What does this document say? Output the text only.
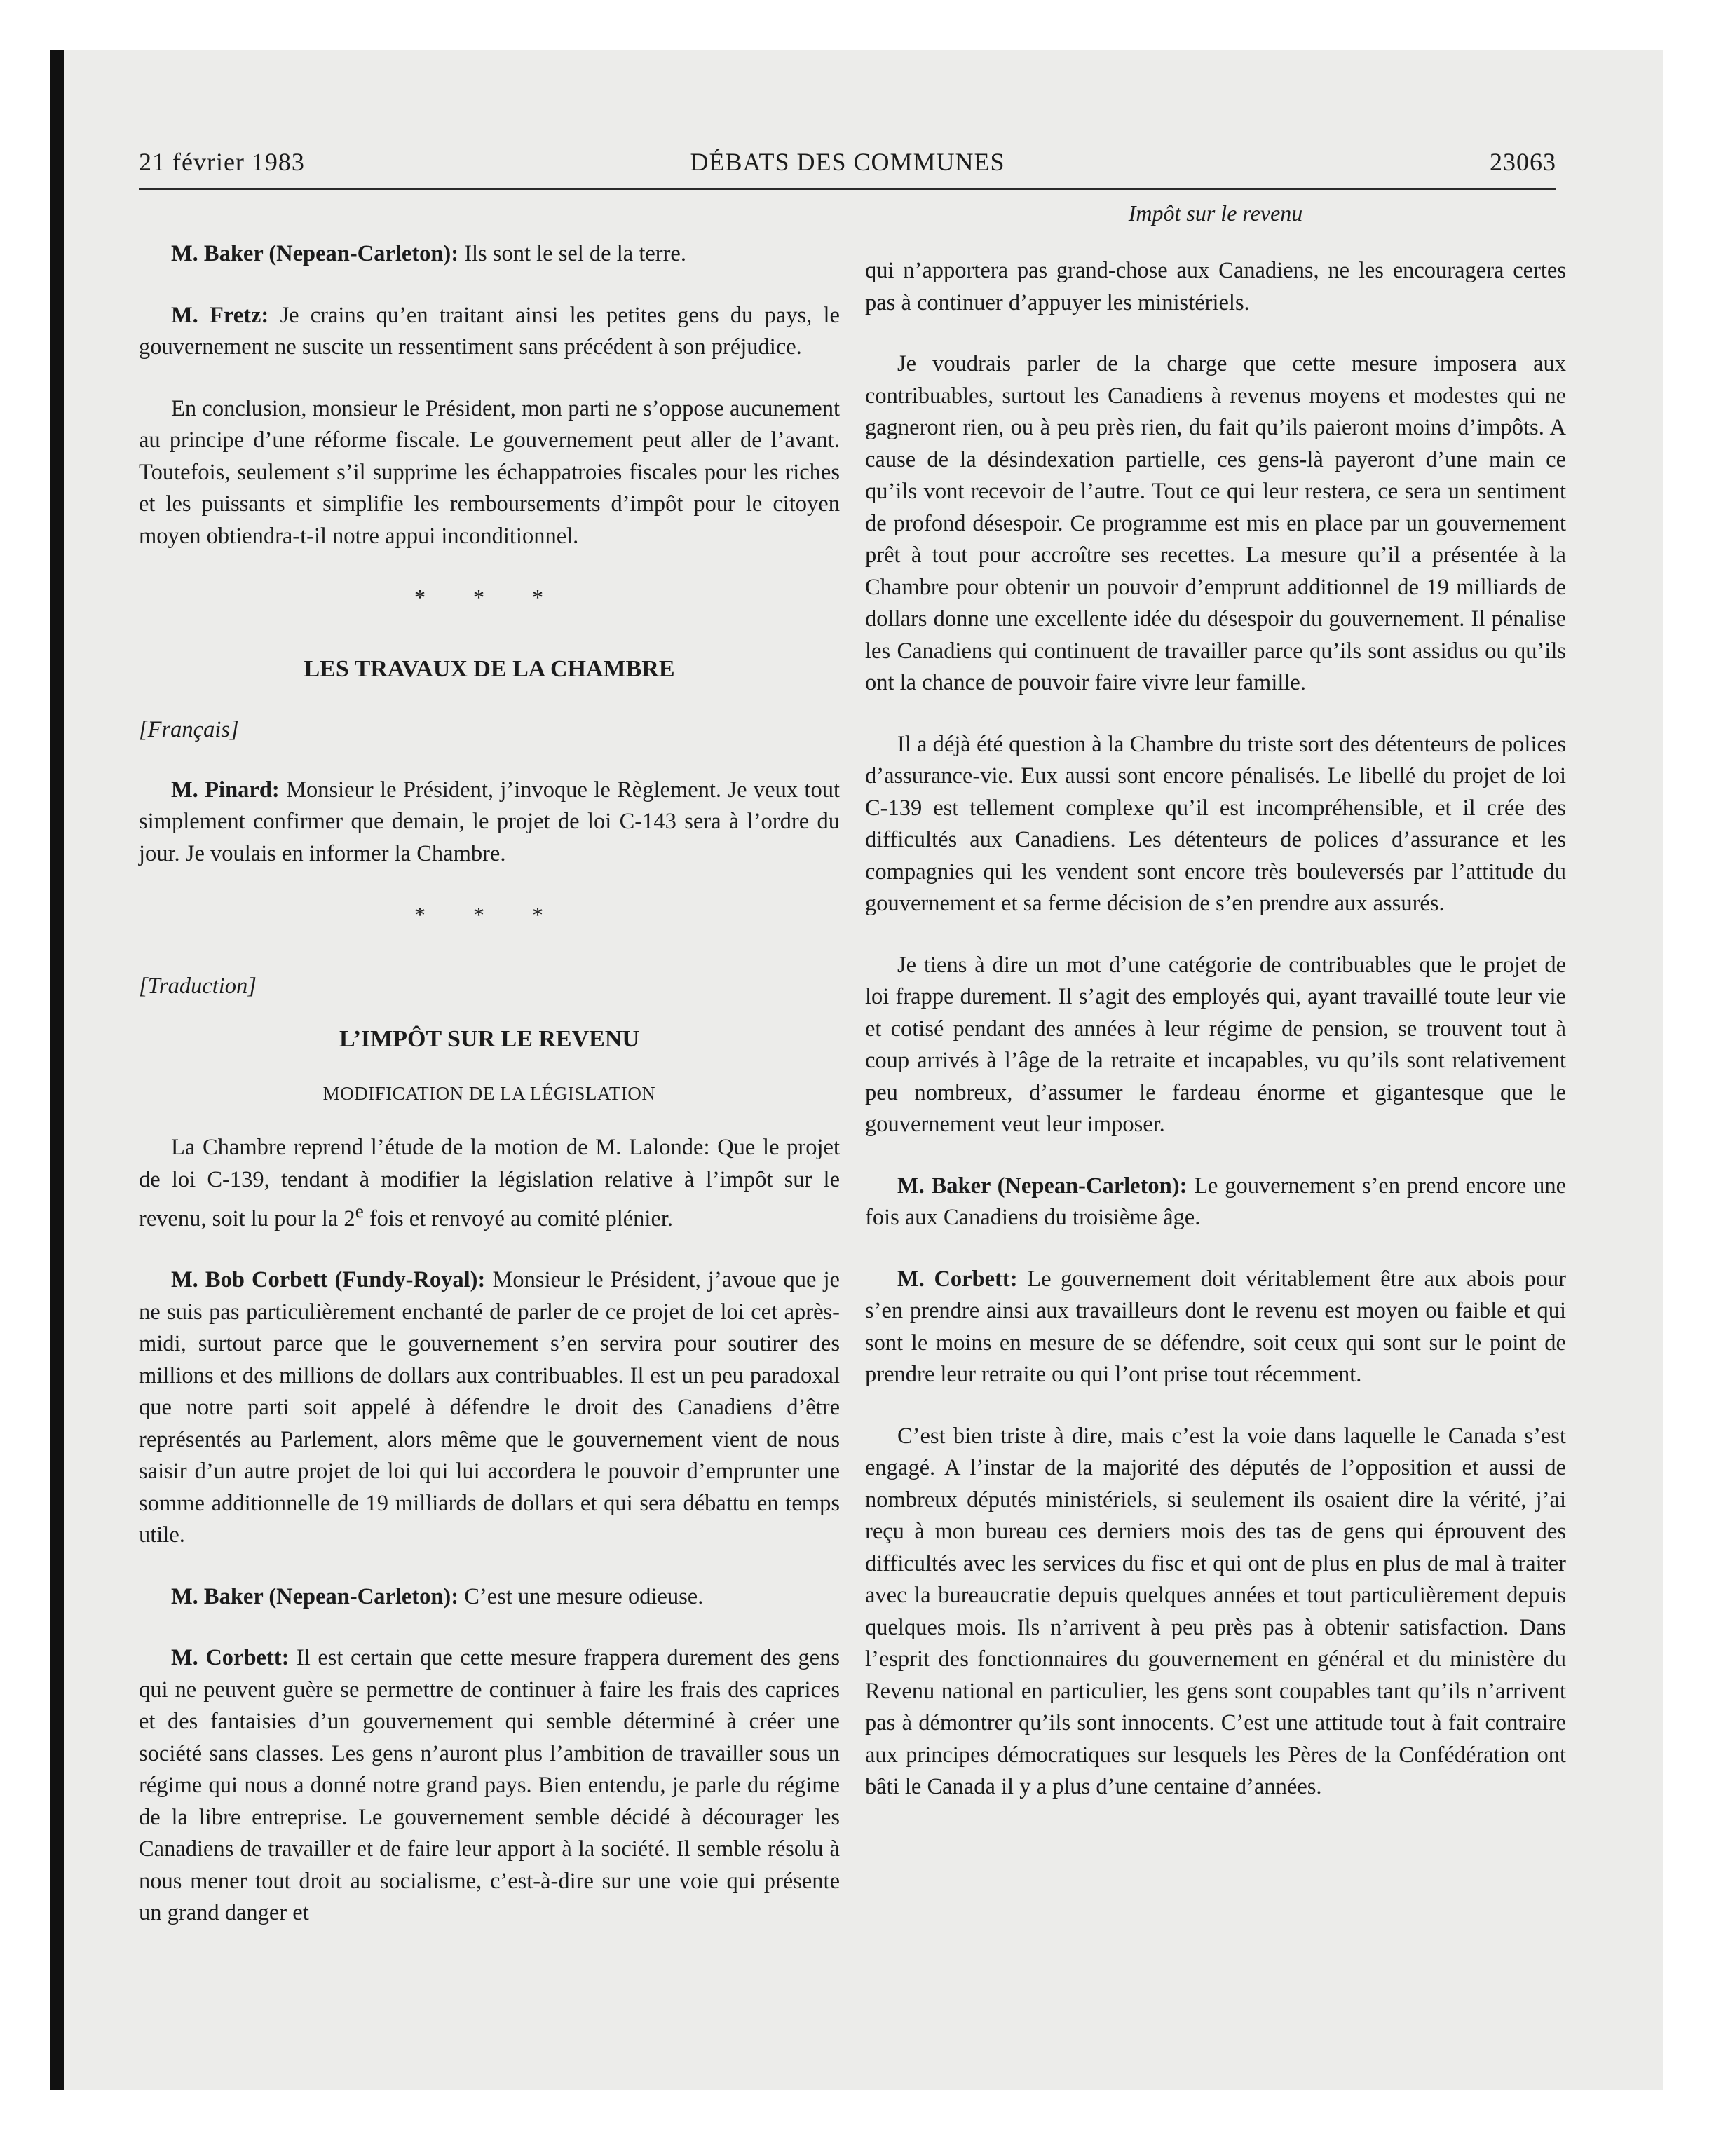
21 février 1983	DÉBATS DES COMMUNES	23063
Impôt sur le revenu

M. Baker (Nepean-Carleton): Ils sont le sel de la terre.

M. Fretz: Je crains qu’en traitant ainsi les petites gens du pays, le gouvernement ne suscite un ressentiment sans précédent à son préjudice.

En conclusion, monsieur le Président, mon parti ne s’oppose aucunement au principe d’une réforme fiscale. Le gouvernement peut aller de l’avant. Toutefois, seulement s’il supprime les échappatroies fiscales pour les riches et les puissants et simplifie les remboursements d’impôt pour le citoyen moyen obtiendra-t-il notre appui inconditionnel.

* * *
LES TRAVAUX DE LA CHAMBRE

[Français]

M. Pinard: Monsieur le Président, j’invoque le Règlement. Je veux tout simplement confirmer que demain, le projet de loi C-143 sera à l’ordre du jour. Je voulais en informer la Chambre.

* * *

[Traduction]

L’IMPÔT SUR LE REVENU
MODIFICATION DE LA LÉGISLATION

La Chambre reprend l’étude de la motion de M. Lalonde: Que le projet de loi C-139, tendant à modifier la législation relative à l’impôt sur le revenu, soit lu pour la 2e fois et renvoyé au comité plénier.

M. Bob Corbett (Fundy-Royal): Monsieur le Président, j’avoue que je ne suis pas particulièrement enchanté de parler de ce projet de loi cet après-midi, surtout parce que le gouvernement s’en servira pour soutirer des millions et des millions de dollars aux contribuables. Il est un peu paradoxal que notre parti soit appelé à défendre le droit des Canadiens d’être représentés au Parlement, alors même que le gouvernement vient de nous saisir d’un autre projet de loi qui lui accordera le pouvoir d’emprunter une somme additionnelle de 19 milliards de dollars et qui sera débattu en temps utile.

M. Baker (Nepean-Carleton): C’est une mesure odieuse.

M. Corbett: Il est certain que cette mesure frappera durement des gens qui ne peuvent guère se permettre de continuer à faire les frais des caprices et des fantaisies d’un gouvernement qui semble déterminé à créer une société sans classes. Les gens n’auront plus l’ambition de travailler sous un régime qui nous a donné notre grand pays. Bien entendu, je parle du régime de la libre entreprise. Le gouvernement semble décidé à décourager les Canadiens de travailler et de faire leur apport à la société. Il semble résolu à nous mener tout droit au socialisme, c’est-à-dire sur une voie qui présente un grand danger et

qui n’apportera pas grand-chose aux Canadiens, ne les encouragera certes pas à continuer d’appuyer les ministériels.

Je voudrais parler de la charge que cette mesure imposera aux contribuables, surtout les Canadiens à revenus moyens et modestes qui ne gagneront rien, ou à peu près rien, du fait qu’ils paieront moins d’impôts. A cause de la désindexation partielle, ces gens-là payeront d’une main ce qu’ils vont recevoir de l’autre. Tout ce qui leur restera, ce sera un sentiment de profond désespoir. Ce programme est mis en place par un gouvernement prêt à tout pour accroître ses recettes. La mesure qu’il a présentée à la Chambre pour obtenir un pouvoir d’emprunt additionnel de 19 milliards de dollars donne une excellente idée du désespoir du gouvernement. Il pénalise les Canadiens qui continuent de travailler parce qu’ils sont assidus ou qu’ils ont la chance de pouvoir faire vivre leur famille.

Il a déjà été question à la Chambre du triste sort des détenteurs de polices d’assurance-vie. Eux aussi sont encore pénalisés. Le libellé du projet de loi C-139 est tellement complexe qu’il est incompréhensible, et il crée des difficultés aux Canadiens. Les détenteurs de polices d’assurance et les compagnies qui les vendent sont encore très bouleversés par l’attitude du gouvernement et sa ferme décision de s’en prendre aux assurés.

Je tiens à dire un mot d’une catégorie de contribuables que le projet de loi frappe durement. Il s’agit des employés qui, ayant travaillé toute leur vie et cotisé pendant des années à leur régime de pension, se trouvent tout à coup arrivés à l’âge de la retraite et incapables, vu qu’ils sont relativement peu nombreux, d’assumer le fardeau énorme et gigantesque que le gouvernement veut leur imposer.

M. Baker (Nepean-Carleton): Le gouvernement s’en prend encore une fois aux Canadiens du troisième âge.

M. Corbett: Le gouvernement doit véritablement être aux abois pour s’en prendre ainsi aux travailleurs dont le revenu est moyen ou faible et qui sont le moins en mesure de se défendre, soit ceux qui sont sur le point de prendre leur retraite ou qui l’ont prise tout récemment.

C’est bien triste à dire, mais c’est la voie dans laquelle le Canada s’est engagé. A l’instar de la majorité des députés de l’opposition et aussi de nombreux députés ministériels, si seulement ils osaient dire la vérité, j’ai reçu à mon bureau ces derniers mois des tas de gens qui éprouvent des difficultés avec les services du fisc et qui ont de plus en plus de mal à traiter avec la bureaucratie depuis quelques années et tout particulièrement depuis quelques mois. Ils n’arrivent à peu près pas à obtenir satisfaction. Dans l’esprit des fonctionnaires du gouvernement en général et du ministère du Revenu national en particulier, les gens sont coupables tant qu’ils n’arrivent pas à démontrer qu’ils sont innocents. C’est une attitude tout à fait contraire aux principes démocratiques sur lesquels les Pères de la Confédération ont bâti le Canada il y a plus d’une centaine d’années.
